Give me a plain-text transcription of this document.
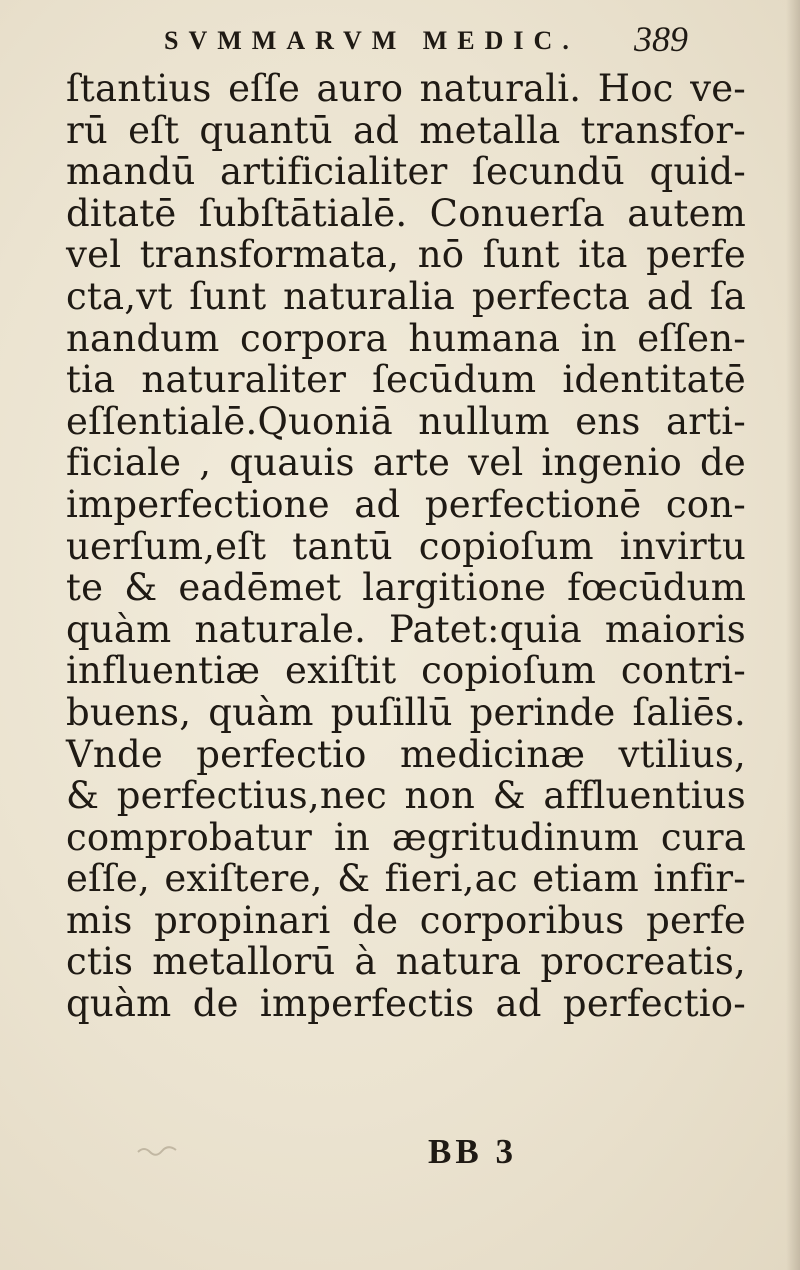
SVMMARVM MEDIC. 389
ſtantius eſſe auro naturali. Hoc ve-
rū eſt quantū ad metalla transfor-
mandū artificialiter ſecundū quid-
ditatē ſubſtātialē. Conuerſa autem
vel transformata, nō ſunt ita perfe
cta,vt ſunt naturalia perfecta ad ſa
nandum corpora humana in eſſen-
tia naturaliter ſecūdum identitatē
eſſentialē.Quoniā nullum ens arti-
ficiale , quauis arte vel ingenio de
imperfectione ad perfectionē con-
uerſum,eſt tantū copioſum invirtu
te & eadēmet largitione fœcūdum
quàm naturale. Patet:quia maioris
influentiæ exiſtit copioſum contri-
buens, quàm puſillū perinde ſaliēs.
Vnde perfectio medicinæ vtilius,
& perfectius,nec non & affluentius
comprobatur in ægritudinum cura
eſſe, exiſtere, & fieri,ac etiam infir-
mis propinari de corporibus perfe
ctis metallorū à natura procreatis,
quàm de imperfectis ad perfectio-
BB 3
